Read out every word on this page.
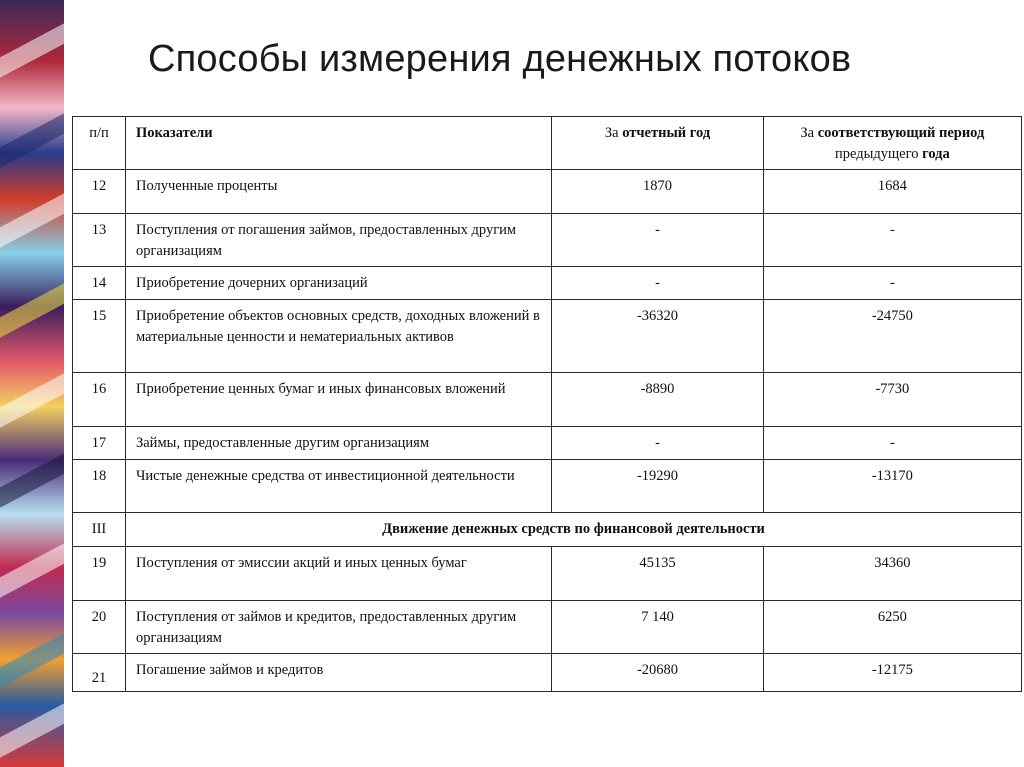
Способы измерения денежных потоков
п/п	Показатели	За отчетный год	За соответствующий период
предыдущего года
12	Полученные проценты	1870	1684
13	Поступления от погашения займов, предоставленных другим организациям	-	-
14	Приобретение дочерних организаций	-	-
15	Приобретение объектов основных средств, доходных вложений в материальные ценности и нематериальных активов	-36320	-24750
16	Приобретение ценных бумаг и иных финансовых вложений	-8890	-7730
17	Займы, предоставленные другим организациям	-	-
18	Чистые денежные средства от инвестиционной деятельности	-19290	-13170
III	Движение денежных средств по финансовой деятельности		
19	Поступления от эмиссии акций и иных ценных бумаг	45135	34360
20	Поступления от займов и кредитов, предоставленных другим организациям	7 140	6250
21	Погашение займов и кредитов	-20680	-12175
